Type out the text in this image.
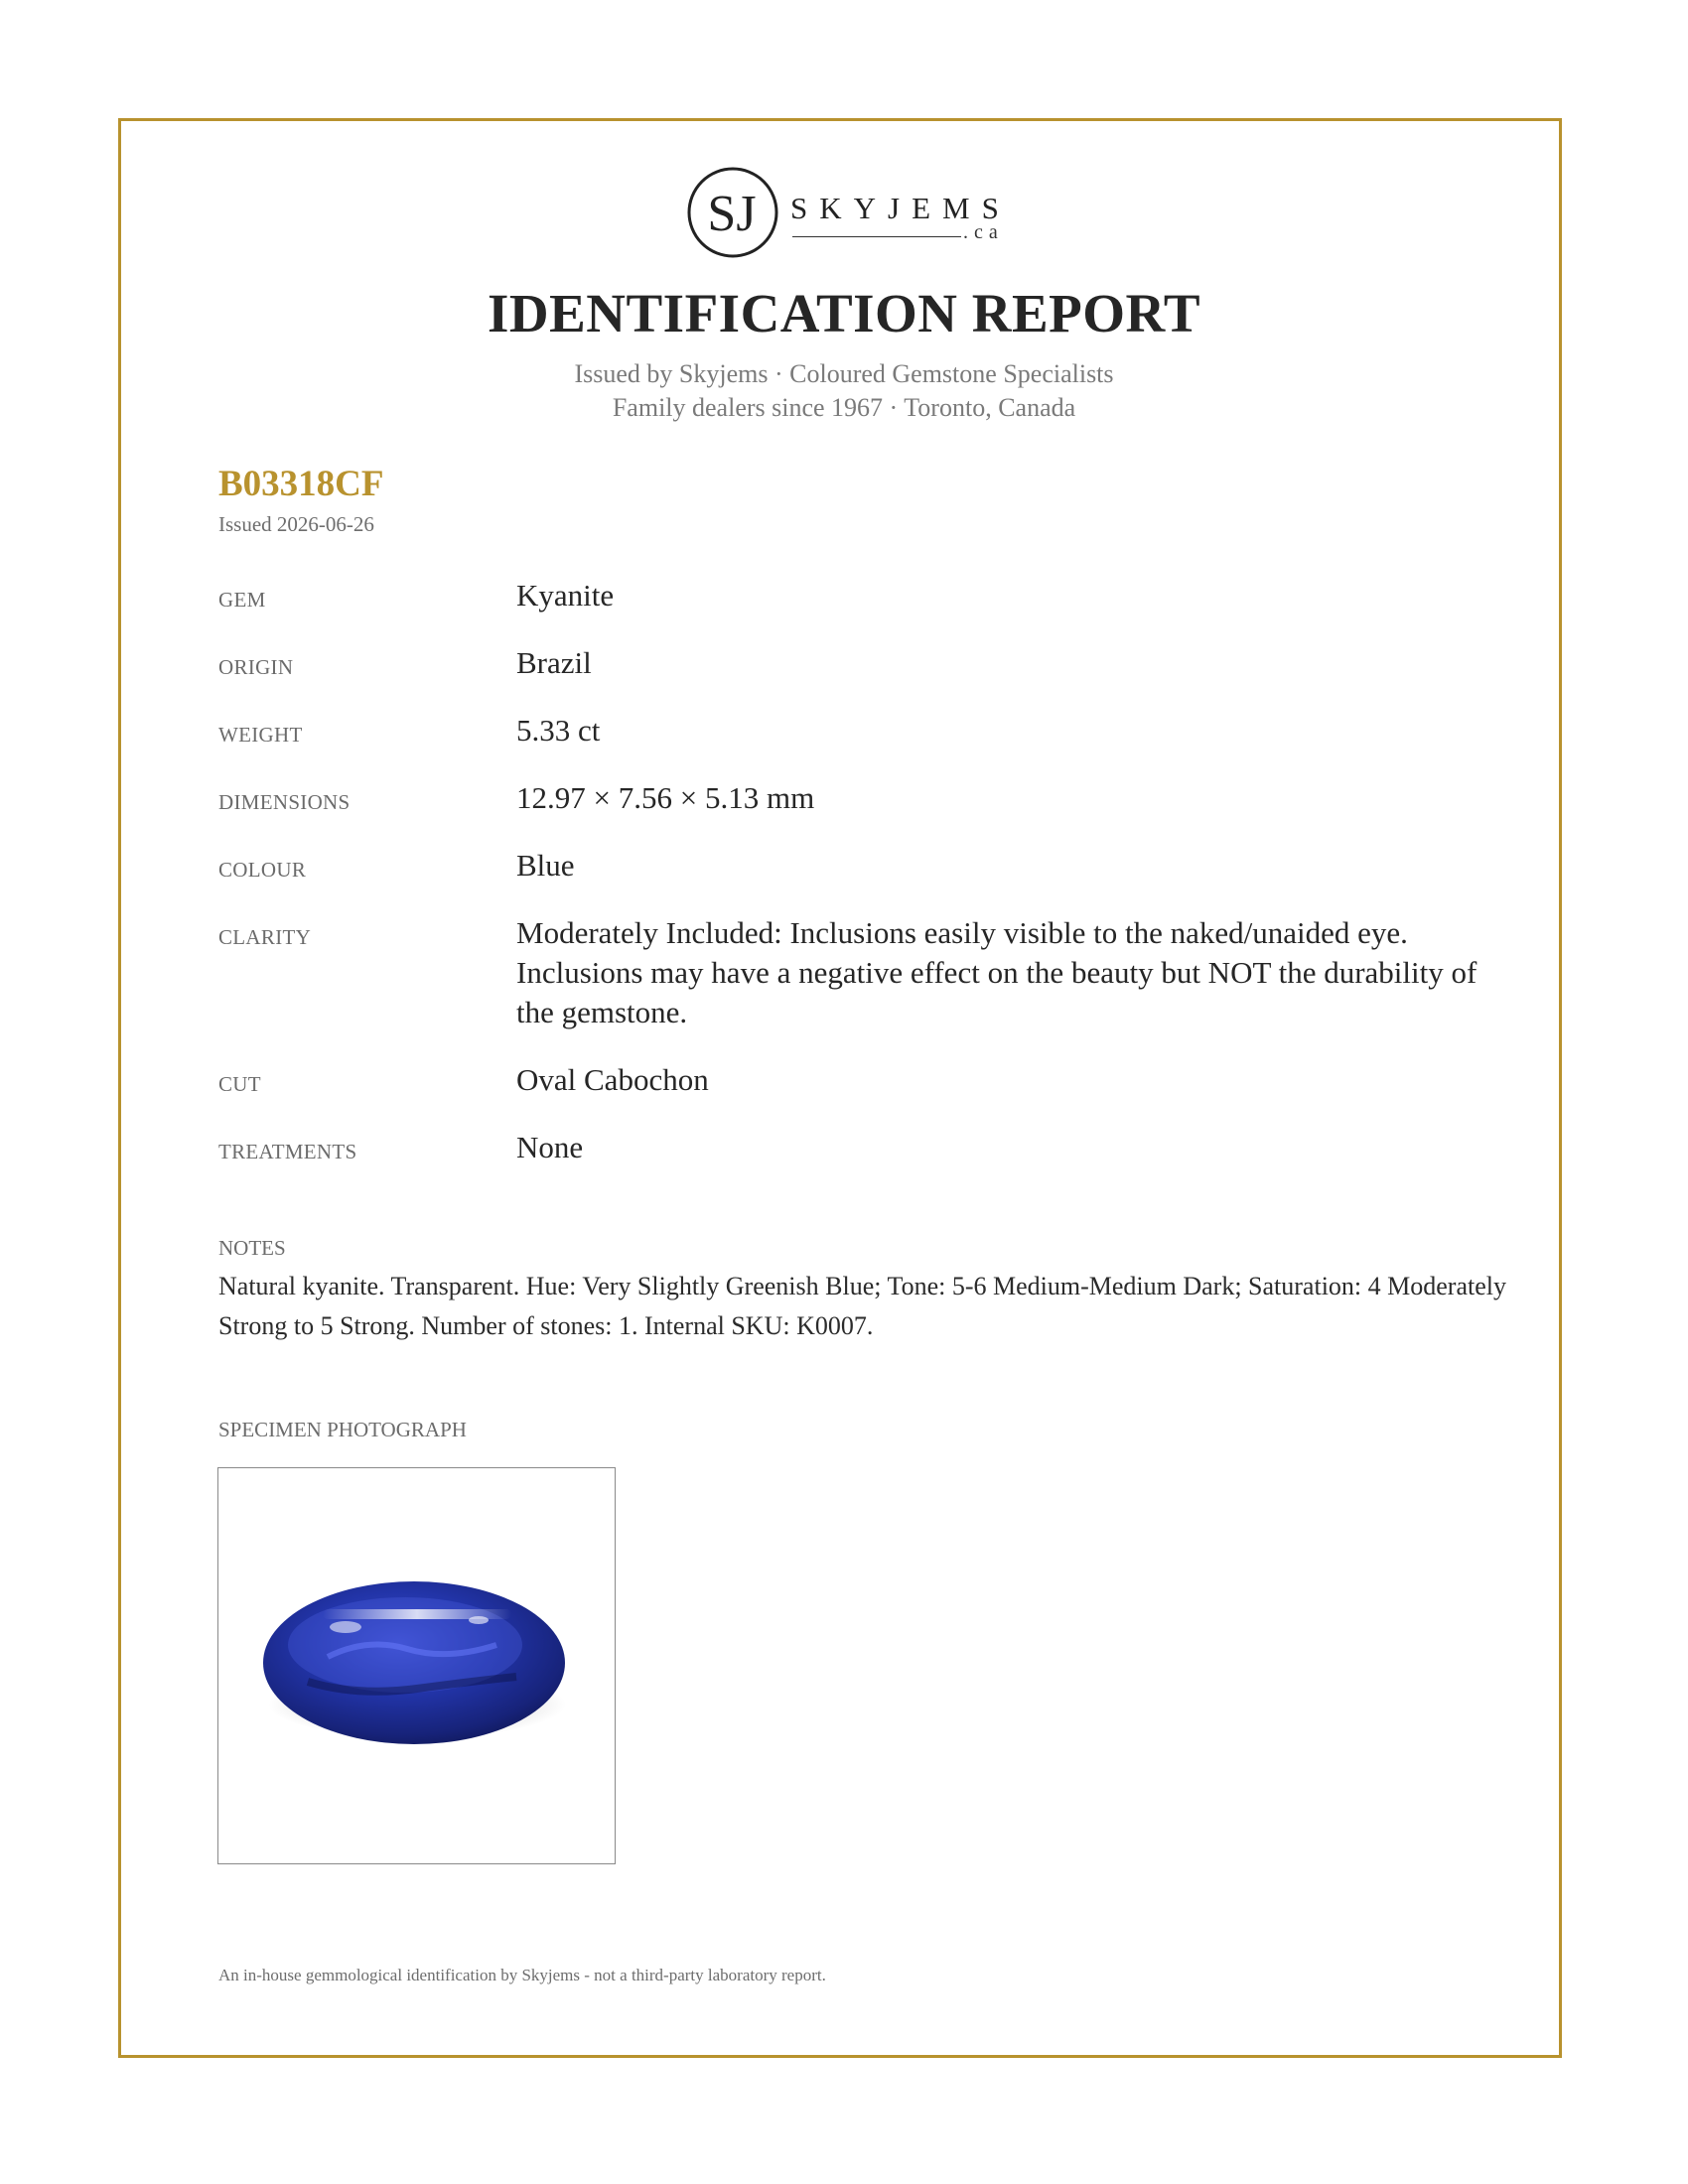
SJ SKYJEMS
.ca
IDENTIFICATION REPORT
Issued by Skyjems · Coloured Gemstone Specialists
Family dealers since 1967 · Toronto, Canada
B03318CF
Issued 2026-06-26
GEM	Kyanite
ORIGIN	Brazil
WEIGHT	5.33 ct
DIMENSIONS	12.97 × 7.56 × 5.13 mm
COLOUR	Blue
CLARITY	Moderately Included: Inclusions easily visible to the naked/unaided eye. Inclusions may have a negative effect on the beauty but NOT the durability of the gemstone.
CUT	Oval Cabochon
TREATMENTS	None
NOTES
Natural kyanite. Transparent. Hue: Very Slightly Greenish Blue; Tone: 5-6 Medium-Medium Dark; Saturation: 4 Moderately Strong to 5 Strong. Number of stones: 1. Internal SKU: K0007.
SPECIMEN PHOTOGRAPH
An in-house gemmological identification by Skyjems - not a third-party laboratory report.
